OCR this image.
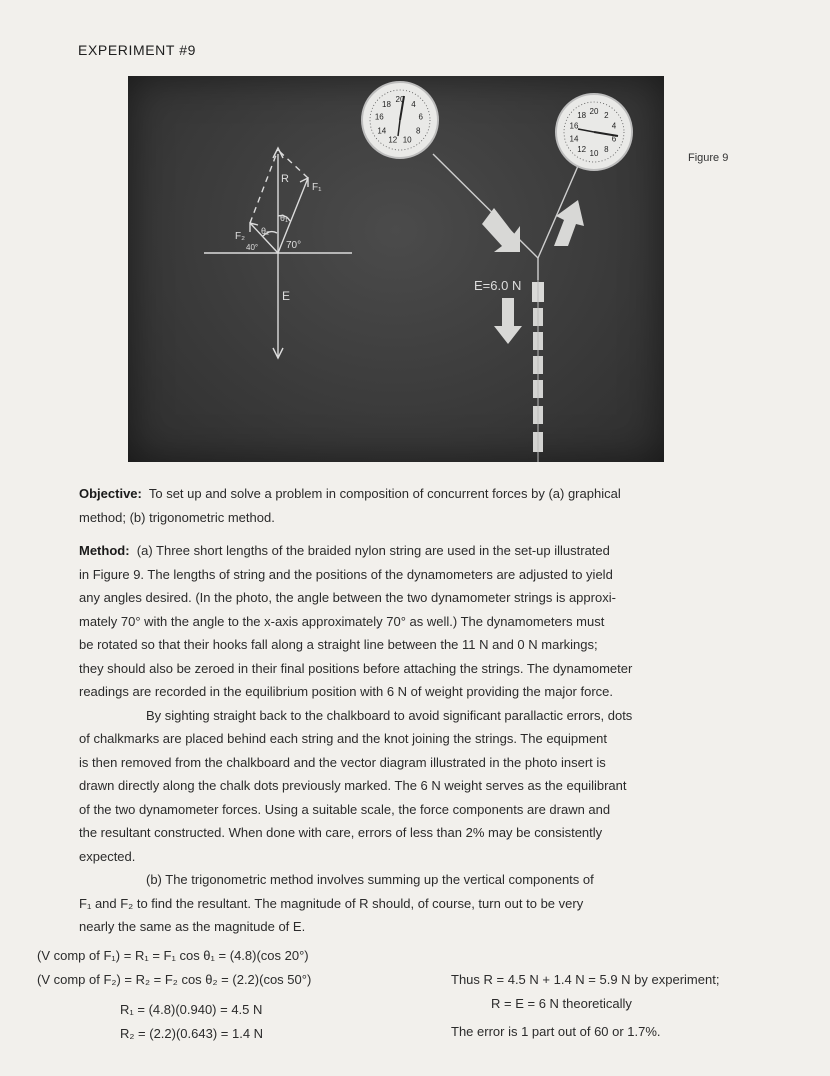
EXPERIMENT #9
R
F₁
F₂
θ₁
θ₂
40°	70°
E
20
4
6
8
10
12
14
16
18
20 2
4
6
8
10
12
14
16
18
E=6.0 N
Figure 9
Objective: To set up and solve a problem in composition of concurrent forces by (a) graphical
method; (b) trigonometric method.
Method: (a) Three short lengths of the braided nylon string are used in the set-up illustrated
in Figure 9. The lengths of string and the positions of the dynamometers are adjusted to yield
any angles desired. (In the photo, the angle between the two dynamometer strings is approxi-
mately 70° with the angle to the x-axis approximately 70° as well.) The dynamometers must
be rotated so that their hooks fall along a straight line between the 11 N and 0 N markings;
they should also be zeroed in their final positions before attaching the strings. The dynamometer
readings are recorded in the equilibrium position with 6 N of weight providing the major force.
By sighting straight back to the chalkboard to avoid significant parallactic errors, dots
of chalkmarks are placed behind each string and the knot joining the strings. The equipment
is then removed from the chalkboard and the vector diagram illustrated in the photo insert is
drawn directly along the chalk dots previously marked. The 6 N weight serves as the equilibrant
of the two dynamometer forces. Using a suitable scale, the force components are drawn and
the resultant constructed. When done with care, errors of less than 2% may be consistently
expected.
(b) The trigonometric method involves summing up the vertical components of
F₁ and F₂ to find the resultant. The magnitude of R should, of course, turn out to be very
nearly the same as the magnitude of E.
(V comp of F₁) = R₁ = F₁ cos θ₁ = (4.8)(cos 20°)
(V comp of F₂) = R₂ = F₂ cos θ₂ = (2.2)(cos 50°)
R₁ = (4.8)(0.940) = 4.5 N
R₂ = (2.2)(0.643) = 1.4 N
Thus R = 4.5 N + 1.4 N = 5.9 N by experiment;
R = E = 6 N theoretically
The error is 1 part out of 60 or 1.7%.
